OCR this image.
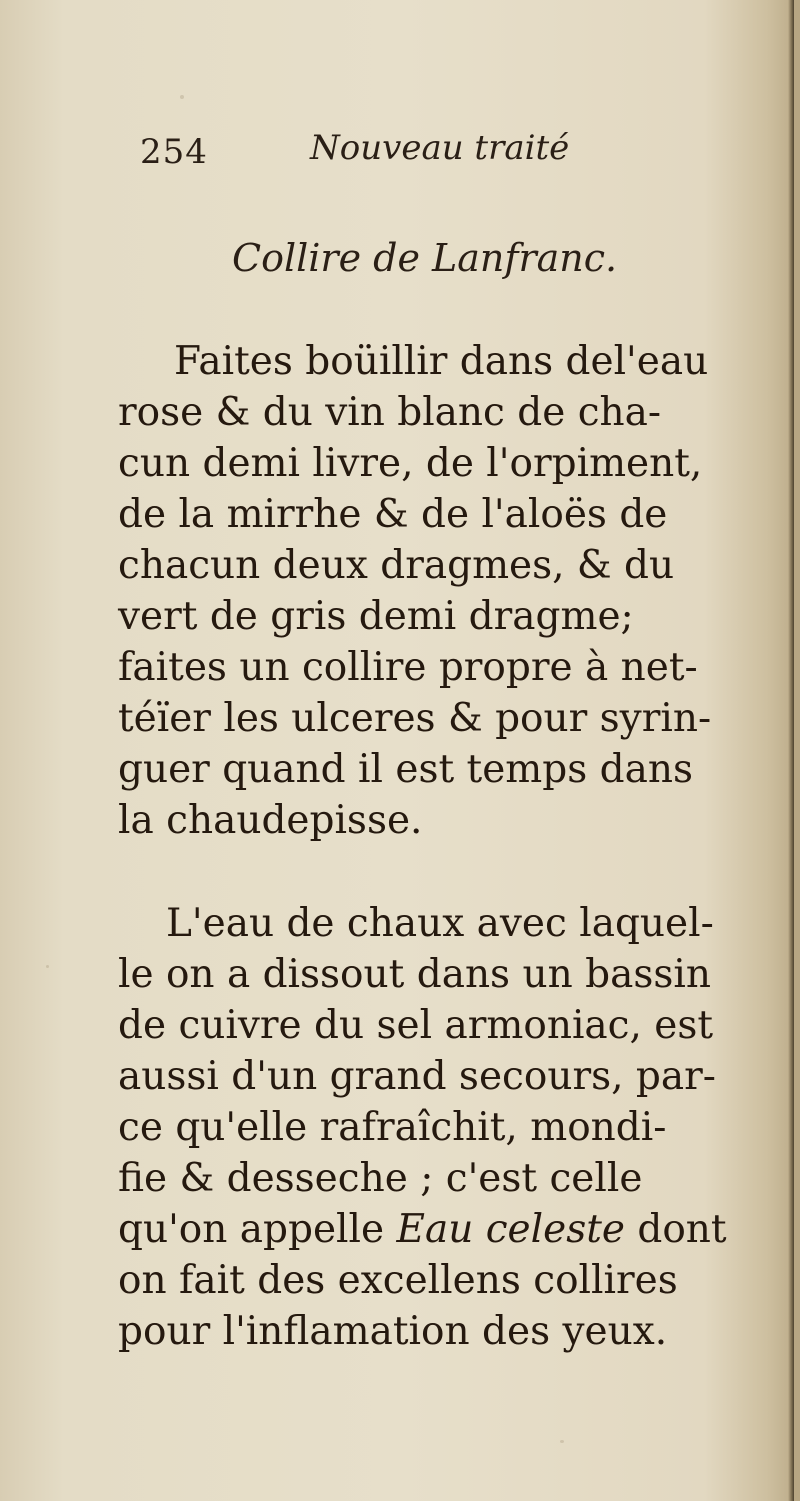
254	Nouveau traité
Collire de Lanfranc.
Faites boüillir dans del'eau
rose & du vin blanc de cha-
cun demi livre, de l'orpiment,
de la mirrhe & de l'aloës de
chacun deux dragmes, & du
vert de gris demi dragme;
faites un collire propre à net-
téïer les ulceres & pour syrin-
guer quand il est temps dans
la chaudepisse.
L'eau de chaux avec laquel-
le on a dissout dans un bassin
de cuivre du sel armoniac, est
aussi d'un grand secours, par-
ce qu'elle rafraîchit, mondi-
fie & desseche ; c'est celle
qu'on appelle Eau celeste dont
on fait des excellens collires
pour l'inflamation des yeux.
